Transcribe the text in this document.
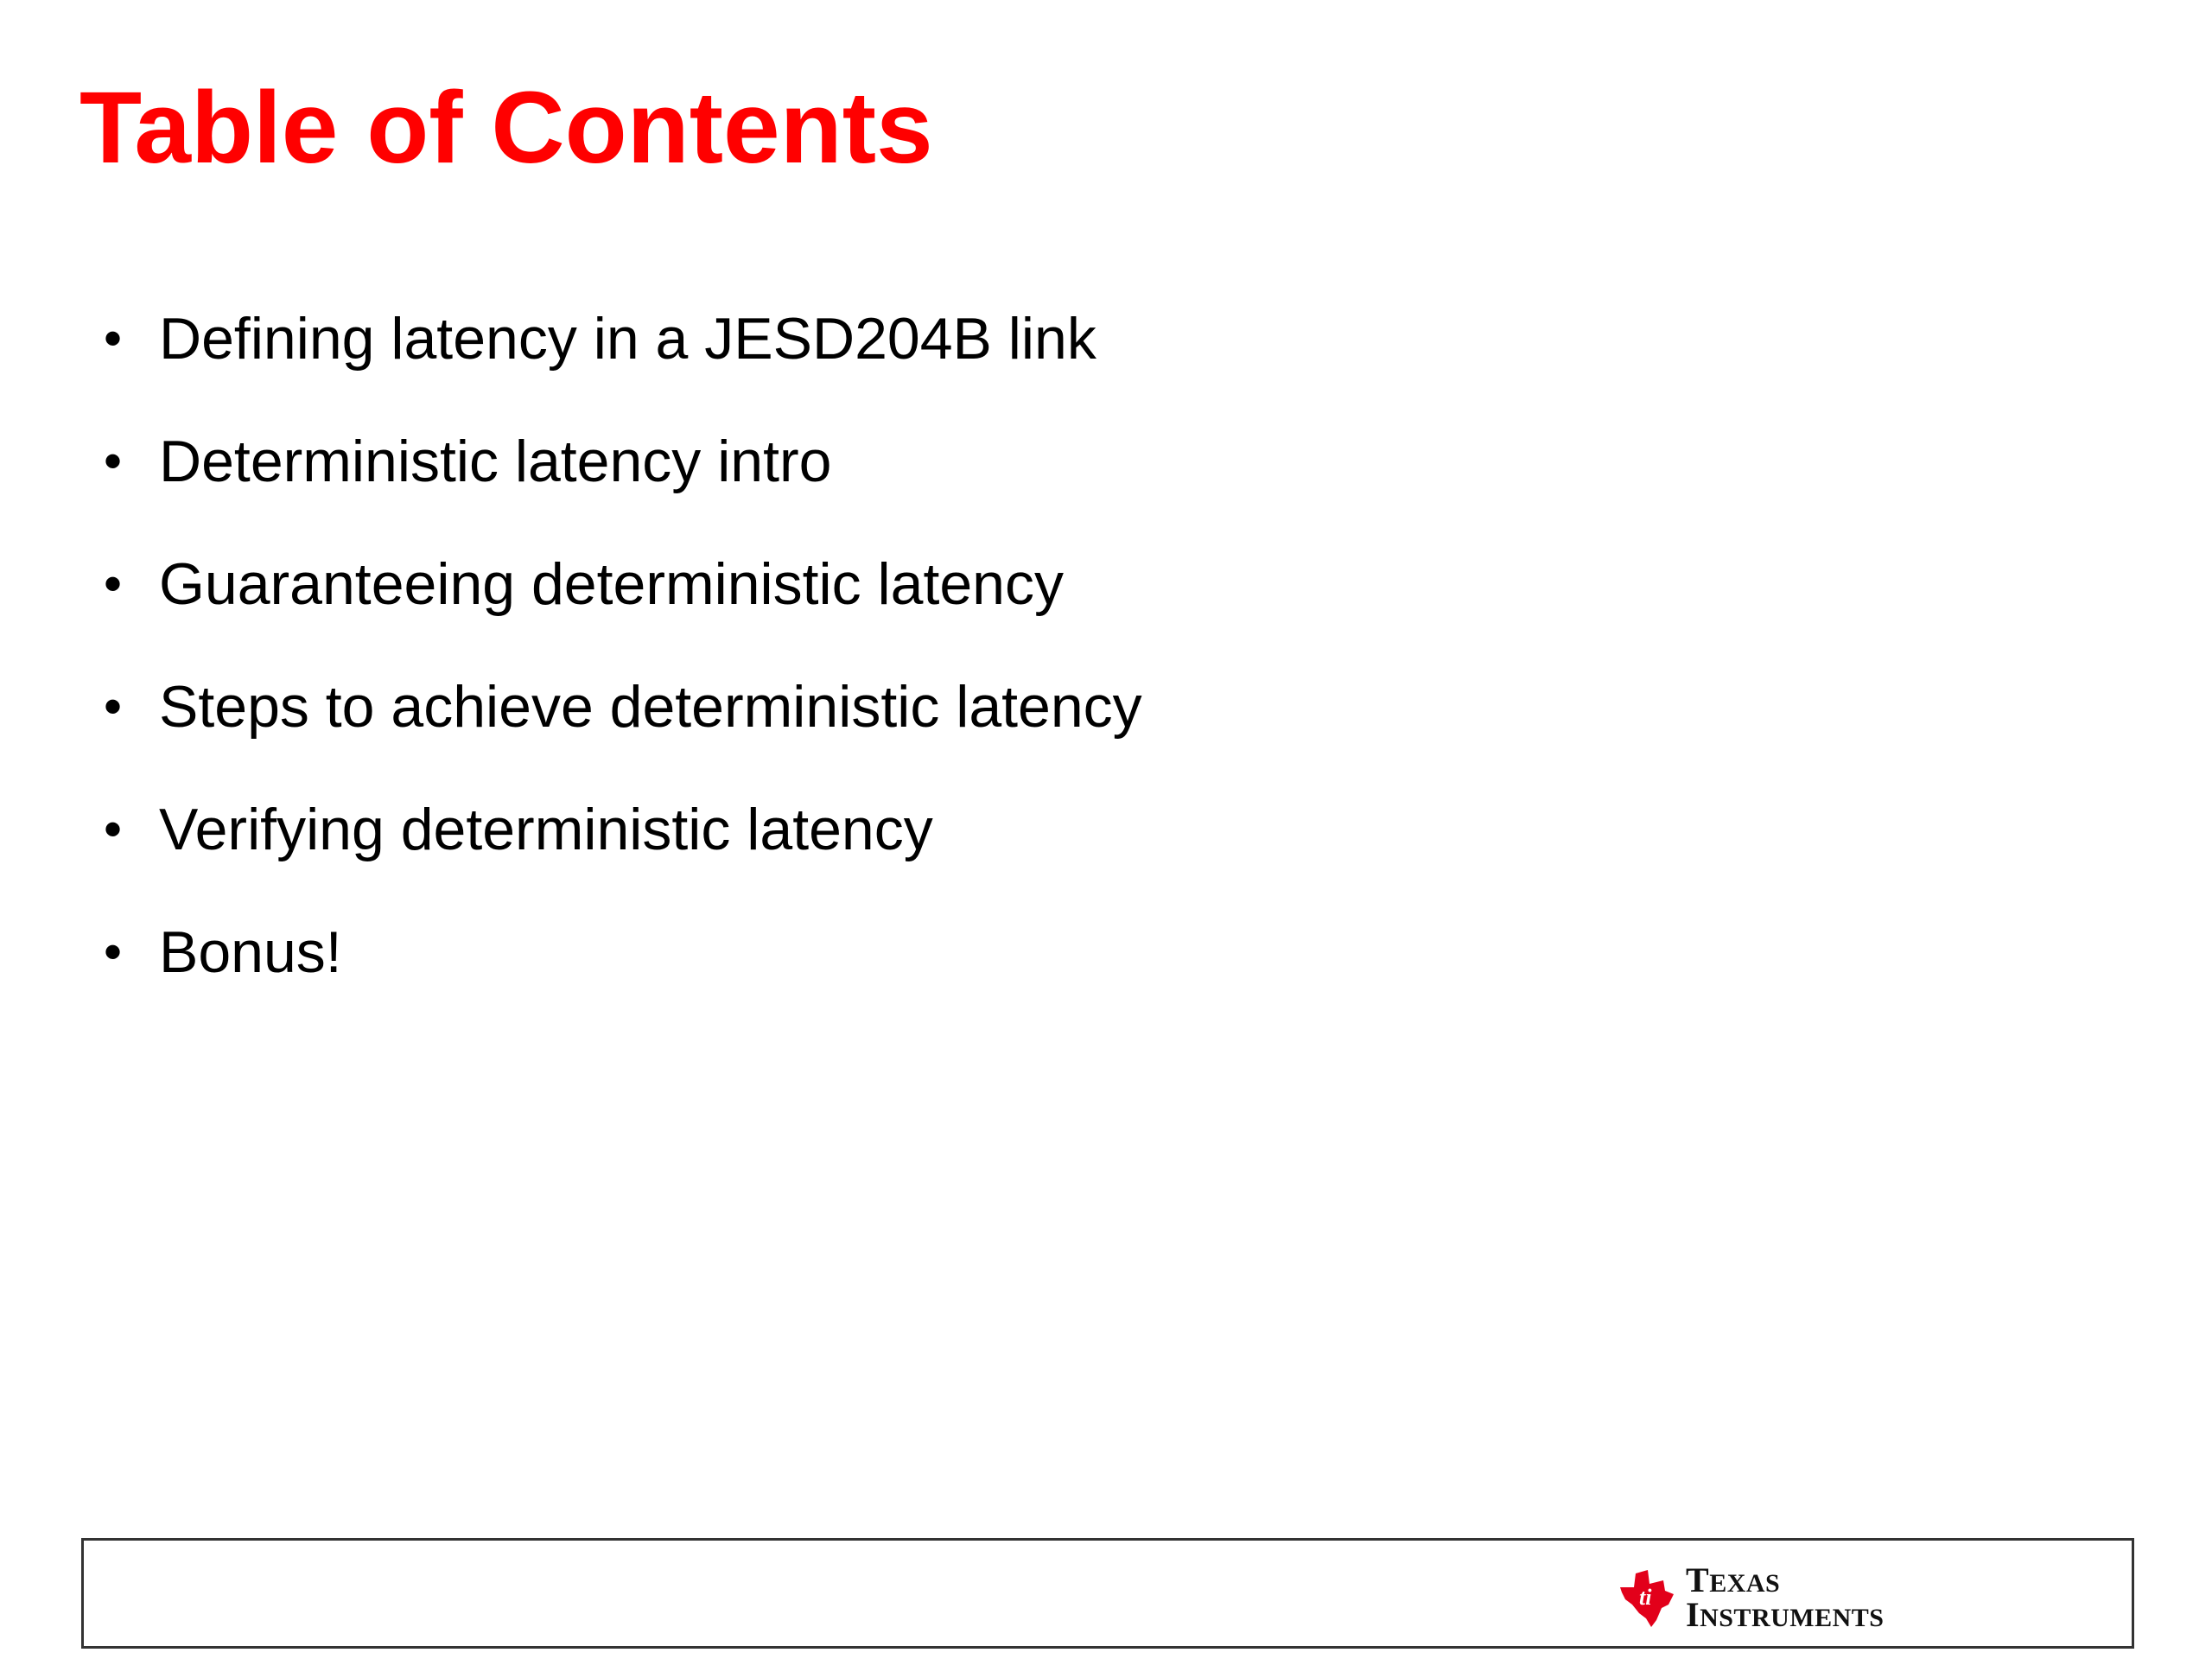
Table of Contents
• Defining latency in a JESD204B link
• Deterministic latency intro
• Guaranteeing deterministic latency
• Steps to achieve deterministic latency
• Verifying deterministic latency
• Bonus!
ti TEXAS
INSTRUMENTS
